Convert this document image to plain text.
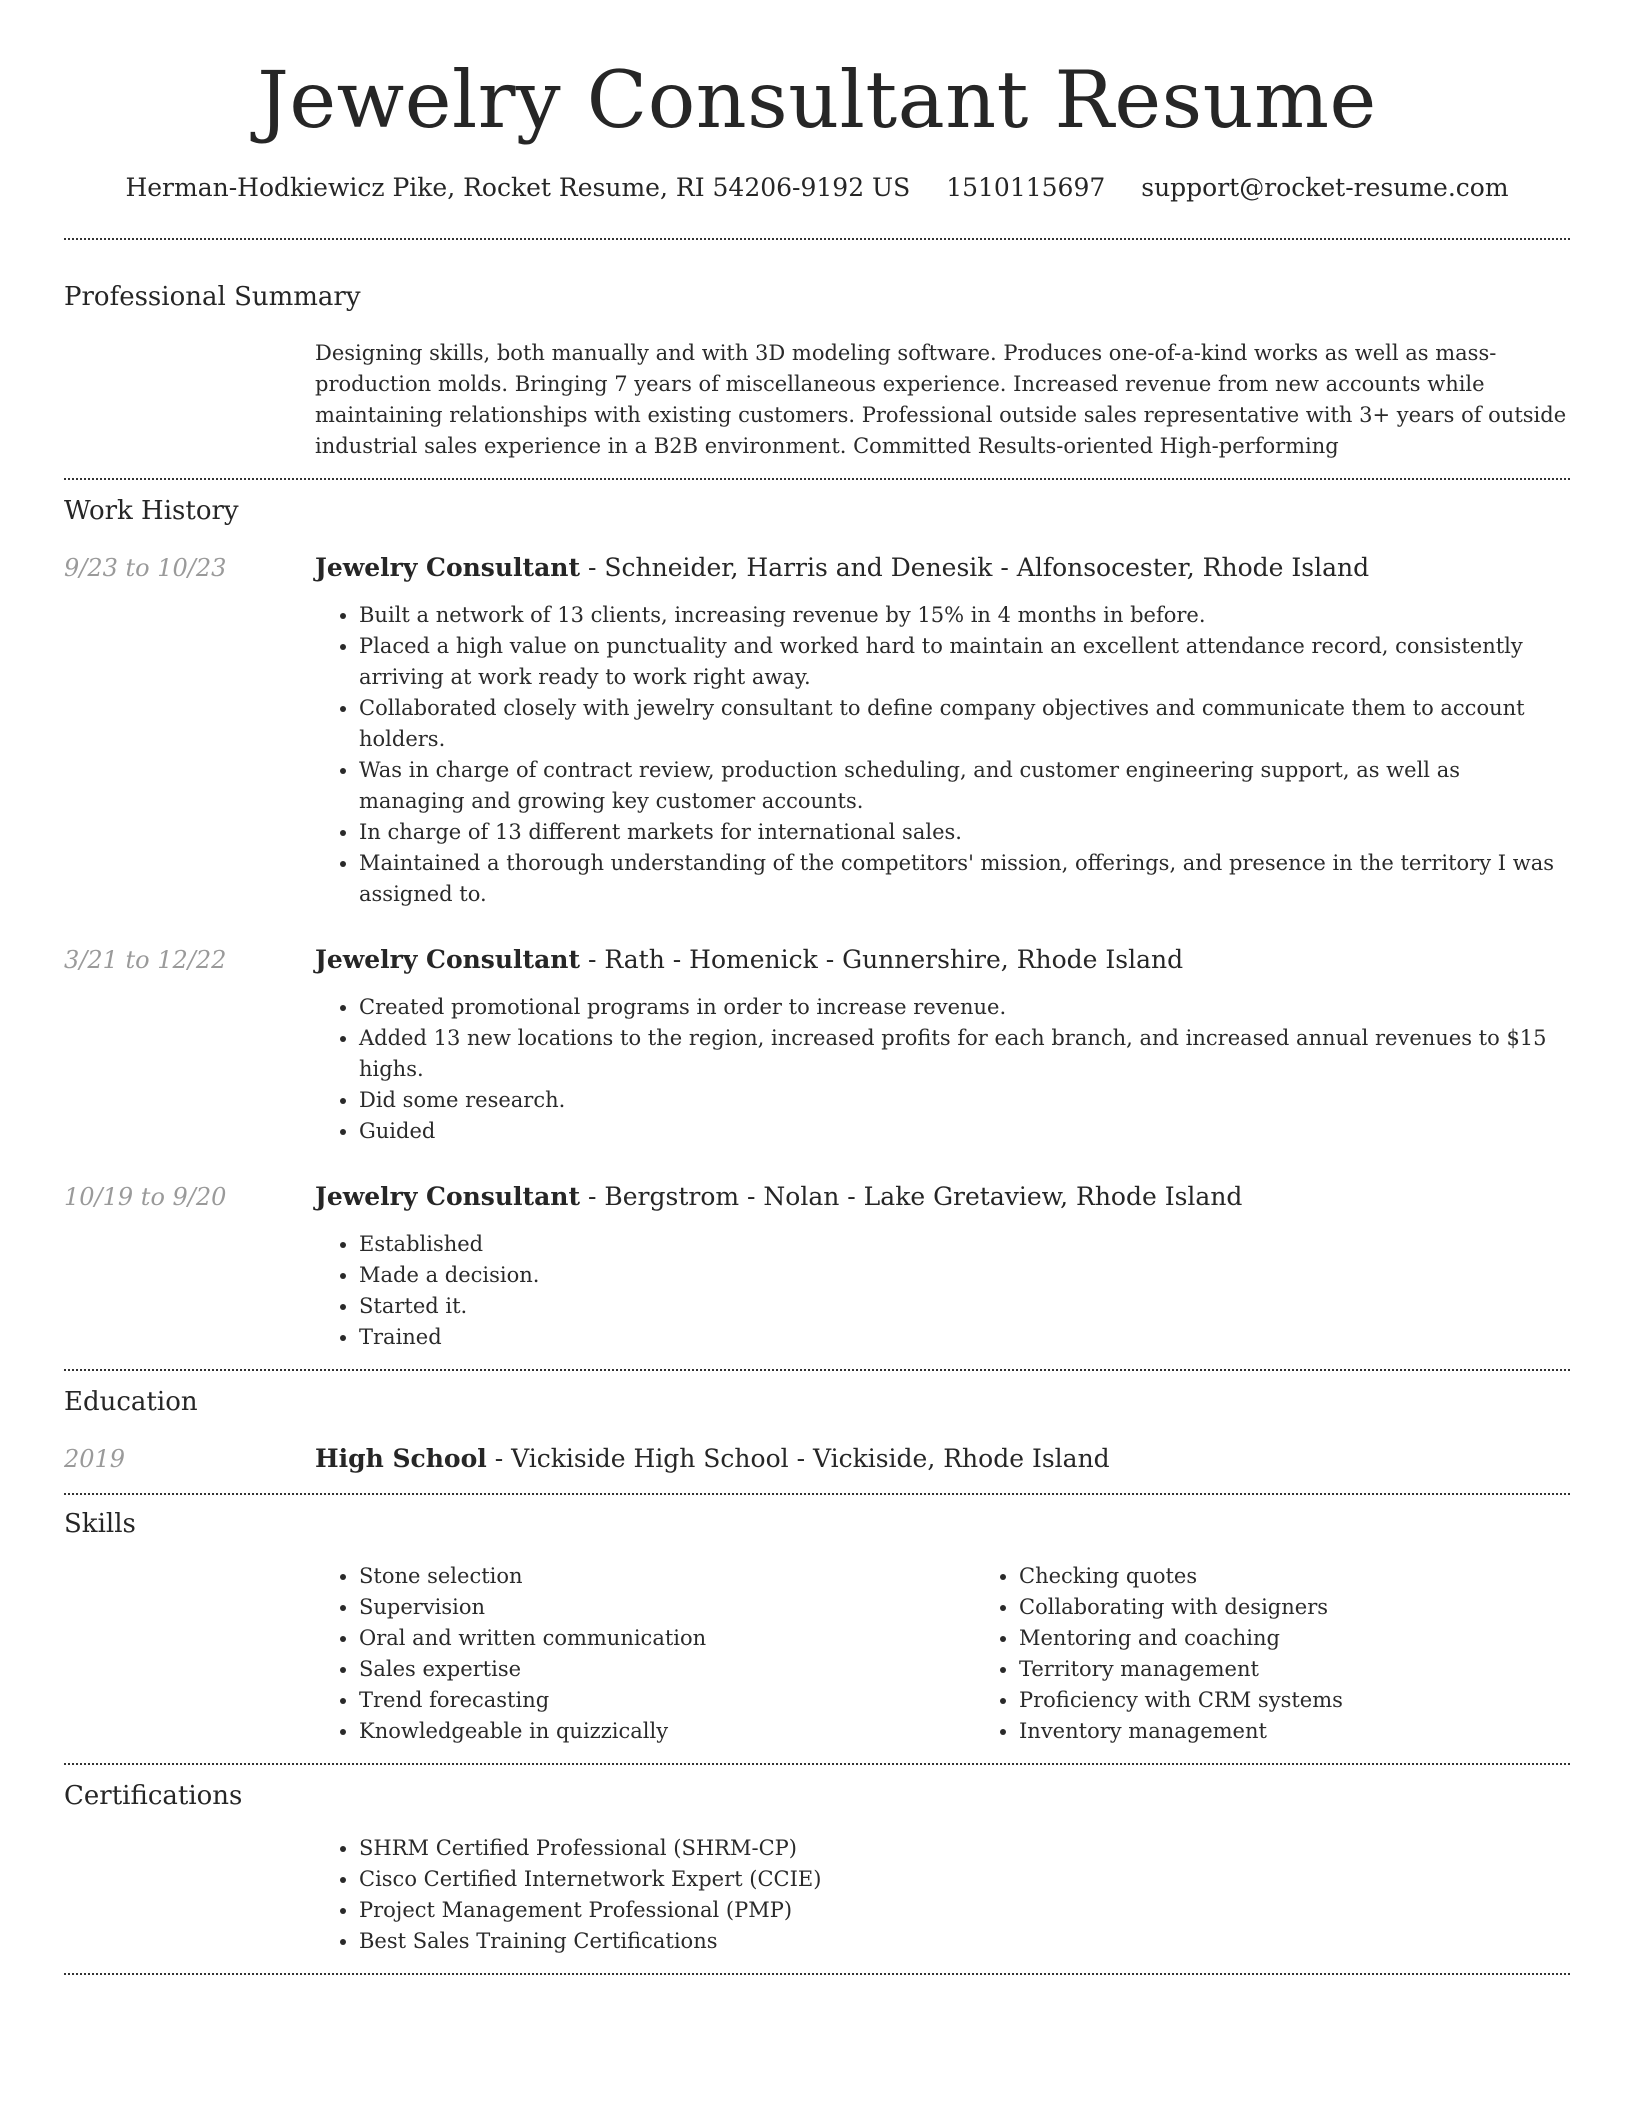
Jewelry Consultant Resume
Herman-Hodkiewicz Pike, Rocket Resume, RI 54206-9192 US 1510115697 support@rocket-resume.com
Professional Summary
Designing skills, both manually and with 3D modeling software. Produces one-of-a-kind works as well as mass-production molds. Bringing 7 years of miscellaneous experience. Increased revenue from new accounts while maintaining relationships with existing customers. Professional outside sales representative with 3+ years of outside industrial sales experience in a B2B environment. Committed Results-oriented High-performing
Work History
9/23 to 10/23	Jewelry Consultant - Schneider, Harris and Denesik - Alfonsocester, Rhode Island
• Built a network of 13 clients, increasing revenue by 15% in 4 months in before.
• Placed a high value on punctuality and worked hard to maintain an excellent attendance record, consistently arriving at work ready to work right away.
• Collaborated closely with jewelry consultant to define company objectives and communicate them to account holders.
• Was in charge of contract review, production scheduling, and customer engineering support, as well as managing and growing key customer accounts.
• In charge of 13 different markets for international sales.
• Maintained a thorough understanding of the competitors' mission, offerings, and presence in the territory I was assigned to.
3/21 to 12/22	Jewelry Consultant - Rath - Homenick - Gunnershire, Rhode Island
• Created promotional programs in order to increase revenue.
• Added 13 new locations to the region, increased profits for each branch, and increased annual revenues to $15 highs.
• Did some research.
• Guided
10/19 to 9/20	Jewelry Consultant - Bergstrom - Nolan - Lake Gretaview, Rhode Island
• Established
• Made a decision.
• Started it.
• Trained
Education
2019	High School - Vickiside High School - Vickiside, Rhode Island
Skills
• Stone selection
• Supervision
• Oral and written communication
• Sales expertise
• Trend forecasting
• Knowledgeable in quizzically
• Checking quotes
• Collaborating with designers
• Mentoring and coaching
• Territory management
• Proficiency with CRM systems
• Inventory management
Certifications
• SHRM Certified Professional (SHRM-CP)
• Cisco Certified Internetwork Expert (CCIE)
• Project Management Professional (PMP)
• Best Sales Training Certifications
